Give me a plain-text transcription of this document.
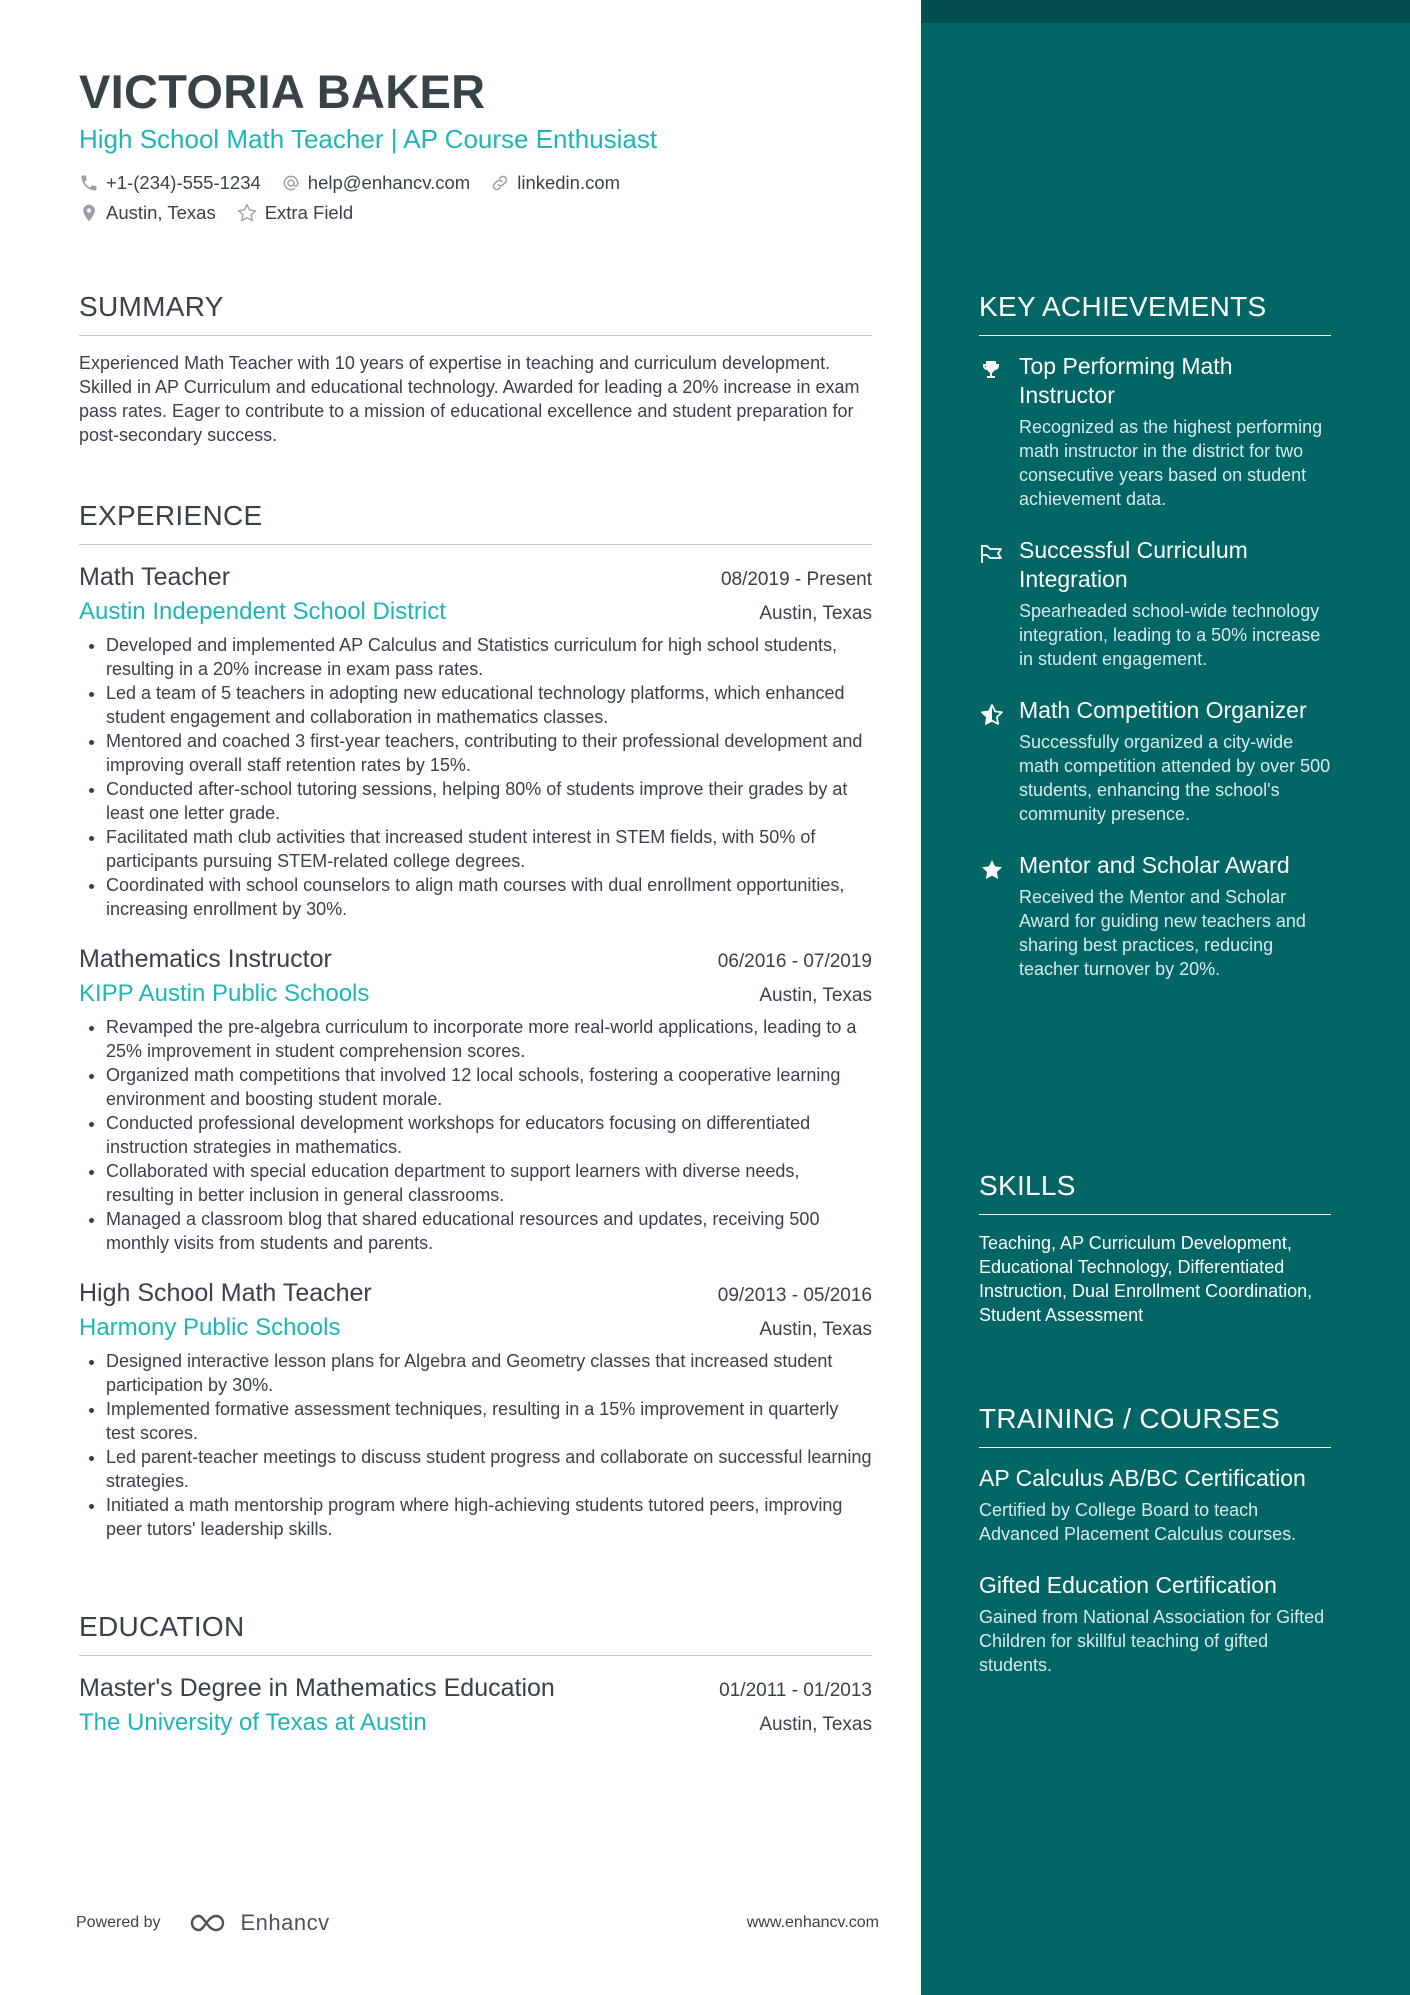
VICTORIA BAKER
High School Math Teacher | AP Course Enthusiast
+1-(234)-555-1234	help@enhancv.com	linkedin.com
Austin, Texas	Extra Field
SUMMARY
Experienced Math Teacher with 10 years of expertise in teaching and curriculum development. Skilled in AP Curriculum and educational technology. Awarded for leading a 20% increase in exam pass rates. Eager to contribute to a mission of educational excellence and student preparation for post-secondary success.
EXPERIENCE
Math Teacher	08/2019 - Present
Austin Independent School District	Austin, Texas
• Developed and implemented AP Calculus and Statistics curriculum for high school students, resulting in a 20% increase in exam pass rates.
• Led a team of 5 teachers in adopting new educational technology platforms, which enhanced student engagement and collaboration in mathematics classes.
• Mentored and coached 3 first-year teachers, contributing to their professional development and improving overall staff retention rates by 15%.
• Conducted after-school tutoring sessions, helping 80% of students improve their grades by at least one letter grade.
• Facilitated math club activities that increased student interest in STEM fields, with 50% of participants pursuing STEM-related college degrees.
• Coordinated with school counselors to align math courses with dual enrollment opportunities, increasing enrollment by 30%.
Mathematics Instructor	06/2016 - 07/2019
KIPP Austin Public Schools	Austin, Texas
• Revamped the pre-algebra curriculum to incorporate more real-world applications, leading to a 25% improvement in student comprehension scores.
• Organized math competitions that involved 12 local schools, fostering a cooperative learning environment and boosting student morale.
• Conducted professional development workshops for educators focusing on differentiated instruction strategies in mathematics.
• Collaborated with special education department to support learners with diverse needs, resulting in better inclusion in general classrooms.
• Managed a classroom blog that shared educational resources and updates, receiving 500 monthly visits from students and parents.
High School Math Teacher	09/2013 - 05/2016
Harmony Public Schools	Austin, Texas
• Designed interactive lesson plans for Algebra and Geometry classes that increased student participation by 30%.
• Implemented formative assessment techniques, resulting in a 15% improvement in quarterly test scores.
• Led parent-teacher meetings to discuss student progress and collaborate on successful learning strategies.
• Initiated a math mentorship program where high-achieving students tutored peers, improving peer tutors' leadership skills.
EDUCATION
Master's Degree in Mathematics Education	01/2011 - 01/2013
The University of Texas at Austin	Austin, Texas
KEY ACHIEVEMENTS
Top Performing Math Instructor
Recognized as the highest performing math instructor in the district for two consecutive years based on student achievement data.
Successful Curriculum Integration
Spearheaded school-wide technology integration, leading to a 50% increase in student engagement.
Math Competition Organizer
Successfully organized a city-wide math competition attended by over 500 students, enhancing the school's community presence.
Mentor and Scholar Award
Received the Mentor and Scholar Award for guiding new teachers and sharing best practices, reducing teacher turnover by 20%.
SKILLS
Teaching, AP Curriculum Development, Educational Technology, Differentiated Instruction, Dual Enrollment Coordination, Student Assessment
TRAINING / COURSES
AP Calculus AB/BC Certification
Certified by College Board to teach Advanced Placement Calculus courses.
Gifted Education Certification
Gained from National Association for Gifted Children for skillful teaching of gifted students.
Powered by	Enhancv	www.enhancv.com
